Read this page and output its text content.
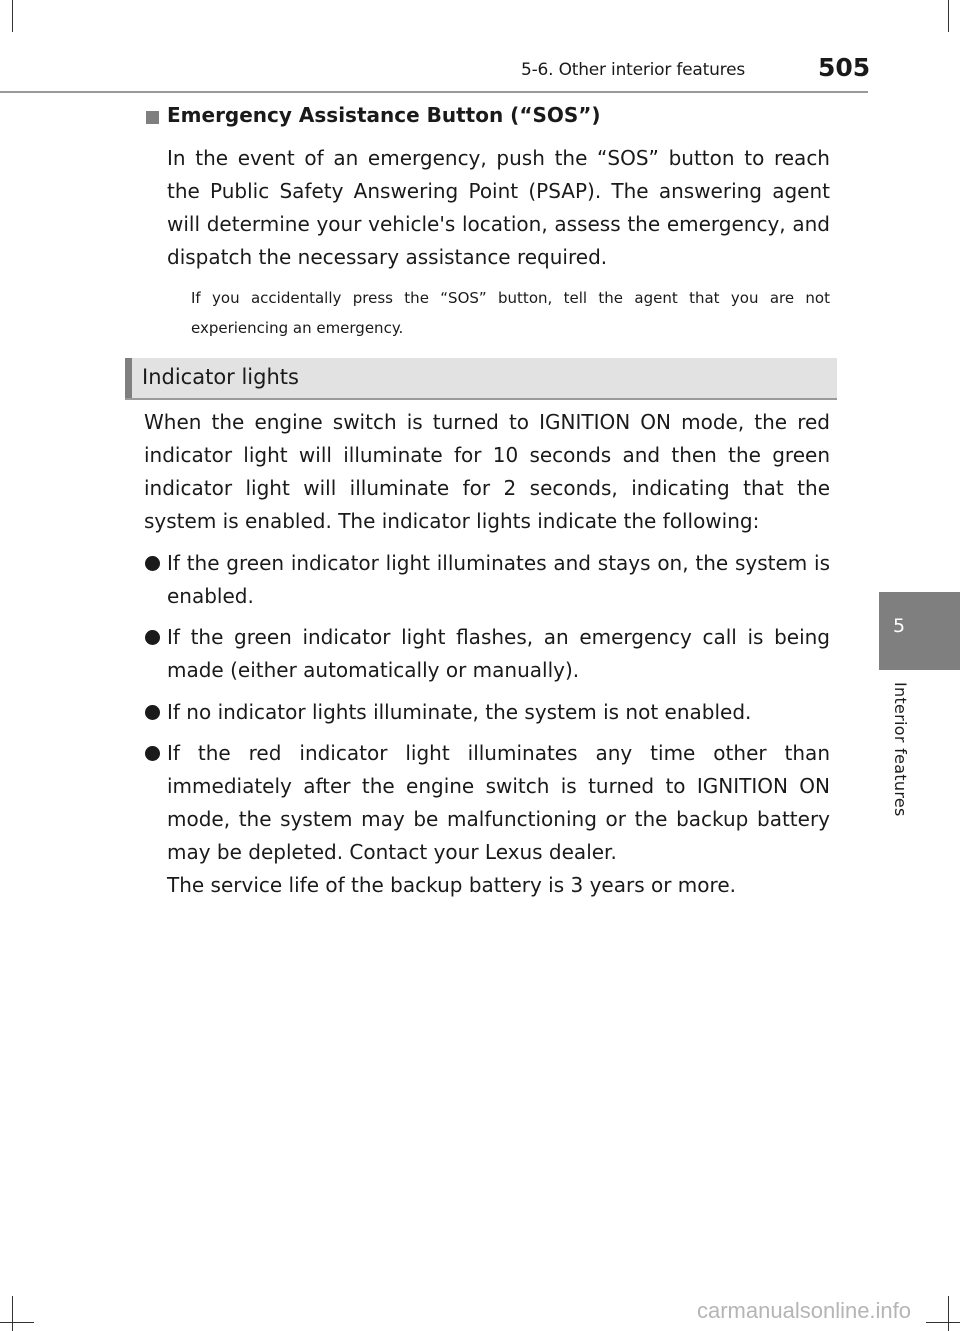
5-6. Other interior features	505
5
Interior features
Emergency Assistance Button (“SOS”)
In the event of an emergency, push the “SOS” button to reach the Public Safety Answering Point (PSAP). The answering agent will determine your vehicle's location, assess the emergency, and dispatch the necessary assistance required.
If you accidentally press the “SOS” button, tell the agent that you are not experiencing an emergency.
Indicator lights
When the engine switch is turned to IGNITION ON mode, the red indicator light will illuminate for 10 seconds and then the green indicator light will illuminate for 2 seconds, indicating that the system is enabled. The indicator lights indicate the following:
If the green indicator light illuminates and stays on, the system is enabled.
If the green indicator light flashes, an emergency call is being made (either automatically or manually).
If no indicator lights illuminate, the system is not enabled.
If the red indicator light illuminates any time other than immediately after the engine switch is turned to IGNITION ON mode, the system may be malfunctioning or the backup battery may be depleted. Contact your Lexus dealer.
The service life of the backup battery is 3 years or more.
carmanualsonline.info
